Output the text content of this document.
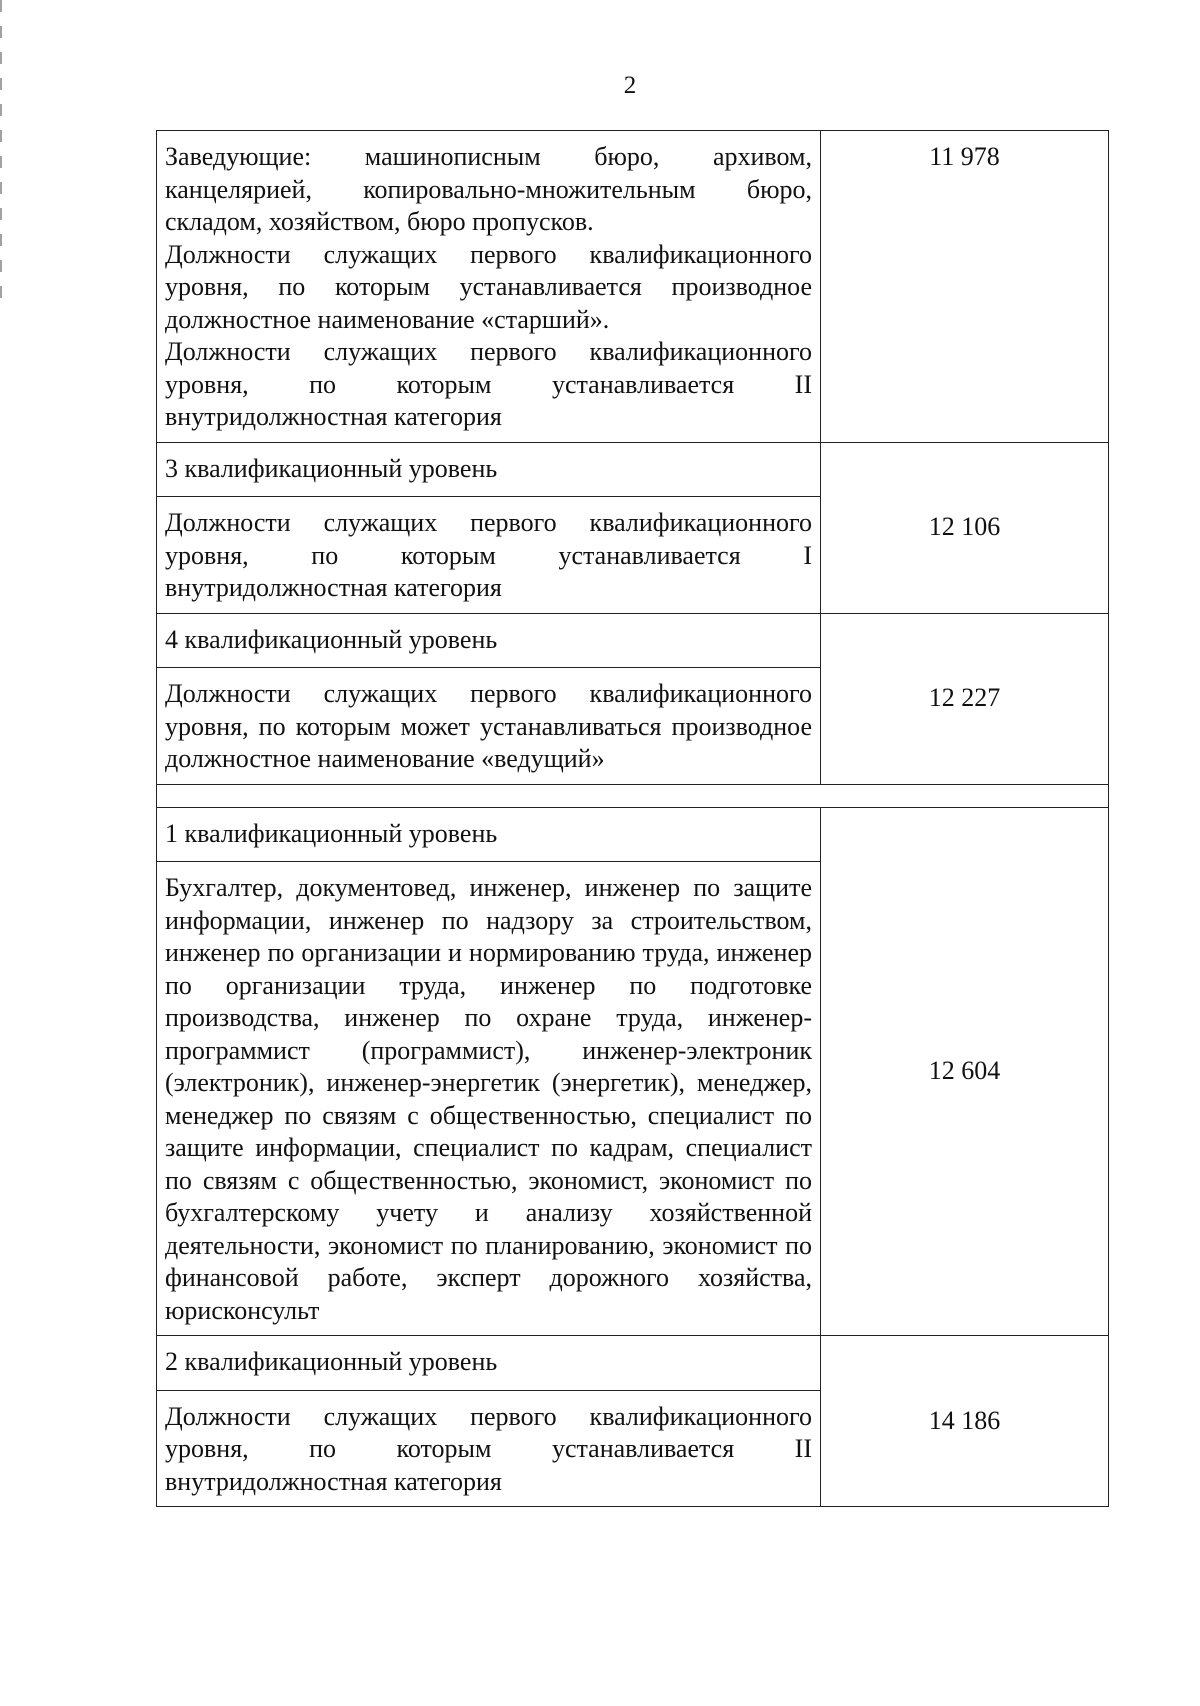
2
Заведующие: машинописным бюро, архивом, канцелярией, копировально-множительным бюро, складом, хозяйством, бюро пропусков.
Должности служащих первого квалификационного уровня, по которым устанавливается производное должностное наименование «старший».
Должности служащих первого квалификационного уровня, по которым устанавливается II внутридолжностная категория	11 978
3 квалификационный уровень	12 106
Должности служащих первого квалификационного уровня, по которым устанавливается I внутридолжностная категория	
4 квалификационный уровень	12 227
Должности служащих первого квалификационного уровня, по которым может устанавливаться производное должностное наименование «ведущий»	

1 квалификационный уровень	12 604
Бухгалтер, документовед, инженер, инженер по защите информации, инженер по надзору за строительством, инженер по организации и нормированию труда, инженер по организации труда, инженер по подготовке производства, инженер по охране труда, инженер-программист (программист), инженер-электроник (электроник), инженер-энергетик (энергетик), менеджер, менеджер по связям с общественностью, специалист по защите информации, специалист по кадрам, специалист по связям с общественностью, экономист, экономист по бухгалтерскому учету и анализу хозяйственной деятельности, экономист по планированию, экономист по финансовой работе, эксперт дорожного хозяйства, юрисконсульт	
2 квалификационный уровень	14 186
Должности служащих первого квалификационного уровня, по которым устанавливается II внутридолжностная категория	
